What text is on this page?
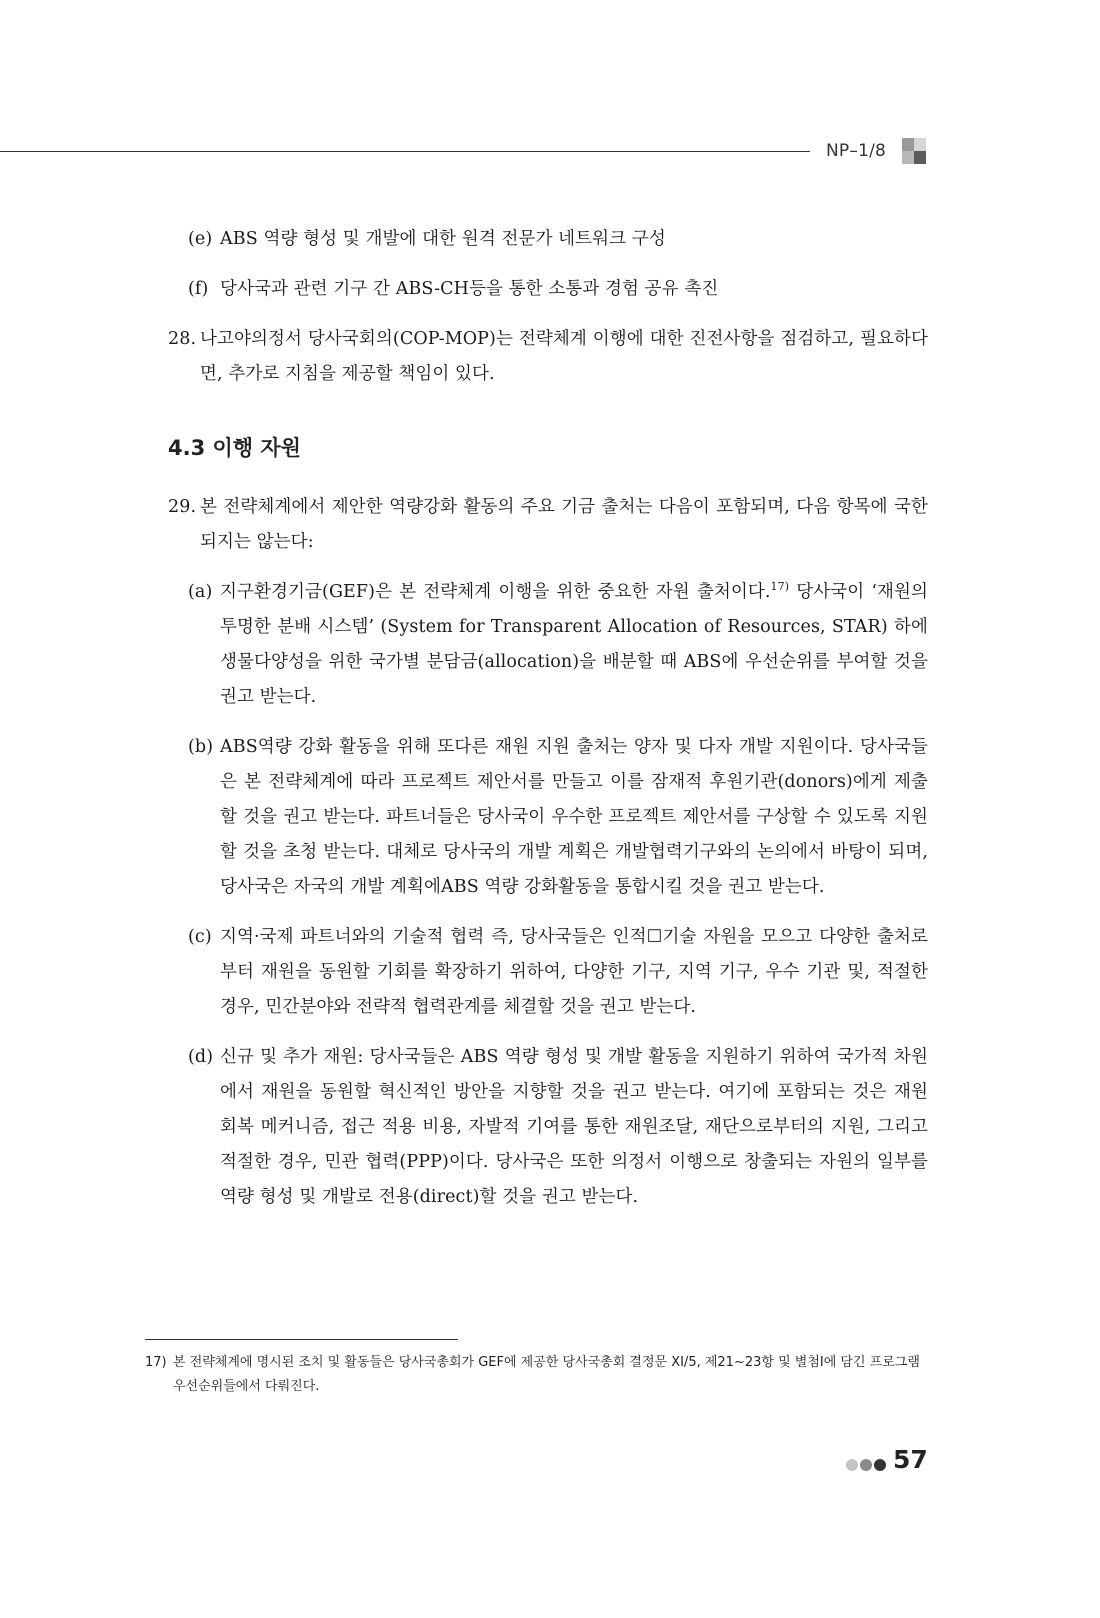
NP–1/8
(e) ABS 역량 형성 및 개발에 대한 원격 전문가 네트워크 구성
(f) 당사국과 관련 기구 간 ABS-CH등을 통한 소통과 경험 공유 촉진
28. 나고야의정서 당사국회의(COP-MOP)는 전략체계 이행에 대한 진전사항을 점검하고, 필요하다면, 추가로 지침을 제공할 책임이 있다.
4.3 이행 자원
29. 본 전략체계에서 제안한 역량강화 활동의 주요 기금 출처는 다음이 포함되며, 다음 항목에 국한되지는 않는다:
(a) 지구환경기금(GEF)은 본 전략체계 이행을 위한 중요한 자원 출처이다.$^{17)}$ 당사국이 ‘재원의 투명한 분배 시스템’ (System for Transparent Allocation of Resources, STAR) 하에 생물다양성을 위한 국가별 분담금(allocation)을 배분할 때 ABS에 우선순위를 부여할 것을 권고 받는다.
(b) ABS역량 강화 활동을 위해 또다른 재원 지원 출처는 양자 및 다자 개발 지원이다. 당사국들은 본 전략체계에 따라 프로젝트 제안서를 만들고 이를 잠재적 후원기관(donors)에게 제출할 것을 권고 받는다. 파트너들은 당사국이 우수한 프로젝트 제안서를 구상할 수 있도록 지원할 것을 초청 받는다. 대체로 당사국의 개발 계획은 개발협력기구와의 논의에서 바탕이 되며, 당사국은 자국의 개발 계획에ABS 역량 강화활동을 통합시킬 것을 권고 받는다.
(c) 지역·국제 파트너와의 기술적 협력 즉, 당사국들은 인적☐기술 자원을 모으고 다양한 출처로부터 재원을 동원할 기회를 확장하기 위하여, 다양한 기구, 지역 기구, 우수 기관 및, 적절한 경우, 민간분야와 전략적 협력관계를 체결할 것을 권고 받는다.
(d) 신규 및 추가 재원: 당사국들은 ABS 역량 형성 및 개발 활동을 지원하기 위하여 국가적 차원에서 재원을 동원할 혁신적인 방안을 지향할 것을 권고 받는다. 여기에 포함되는 것은 재원 회복 메커니즘, 접근 적용 비용, 자발적 기여를 통한 재원조달, 재단으로부터의 지원, 그리고 적절한 경우, 민관 협력(PPP)이다. 당사국은 또한 의정서 이행으로 창출되는 자원의 일부를 역량 형성 및 개발로 전용(direct)할 것을 권고 받는다.
17) 본 전략체계에 명시된 조치 및 활동들은 당사국총회가 GEF에 제공한 당사국총회 결정문 XI/5, 제21~23항 및 별첨I에 담긴 프로그램 우선순위들에서 다뤄진다.
57
